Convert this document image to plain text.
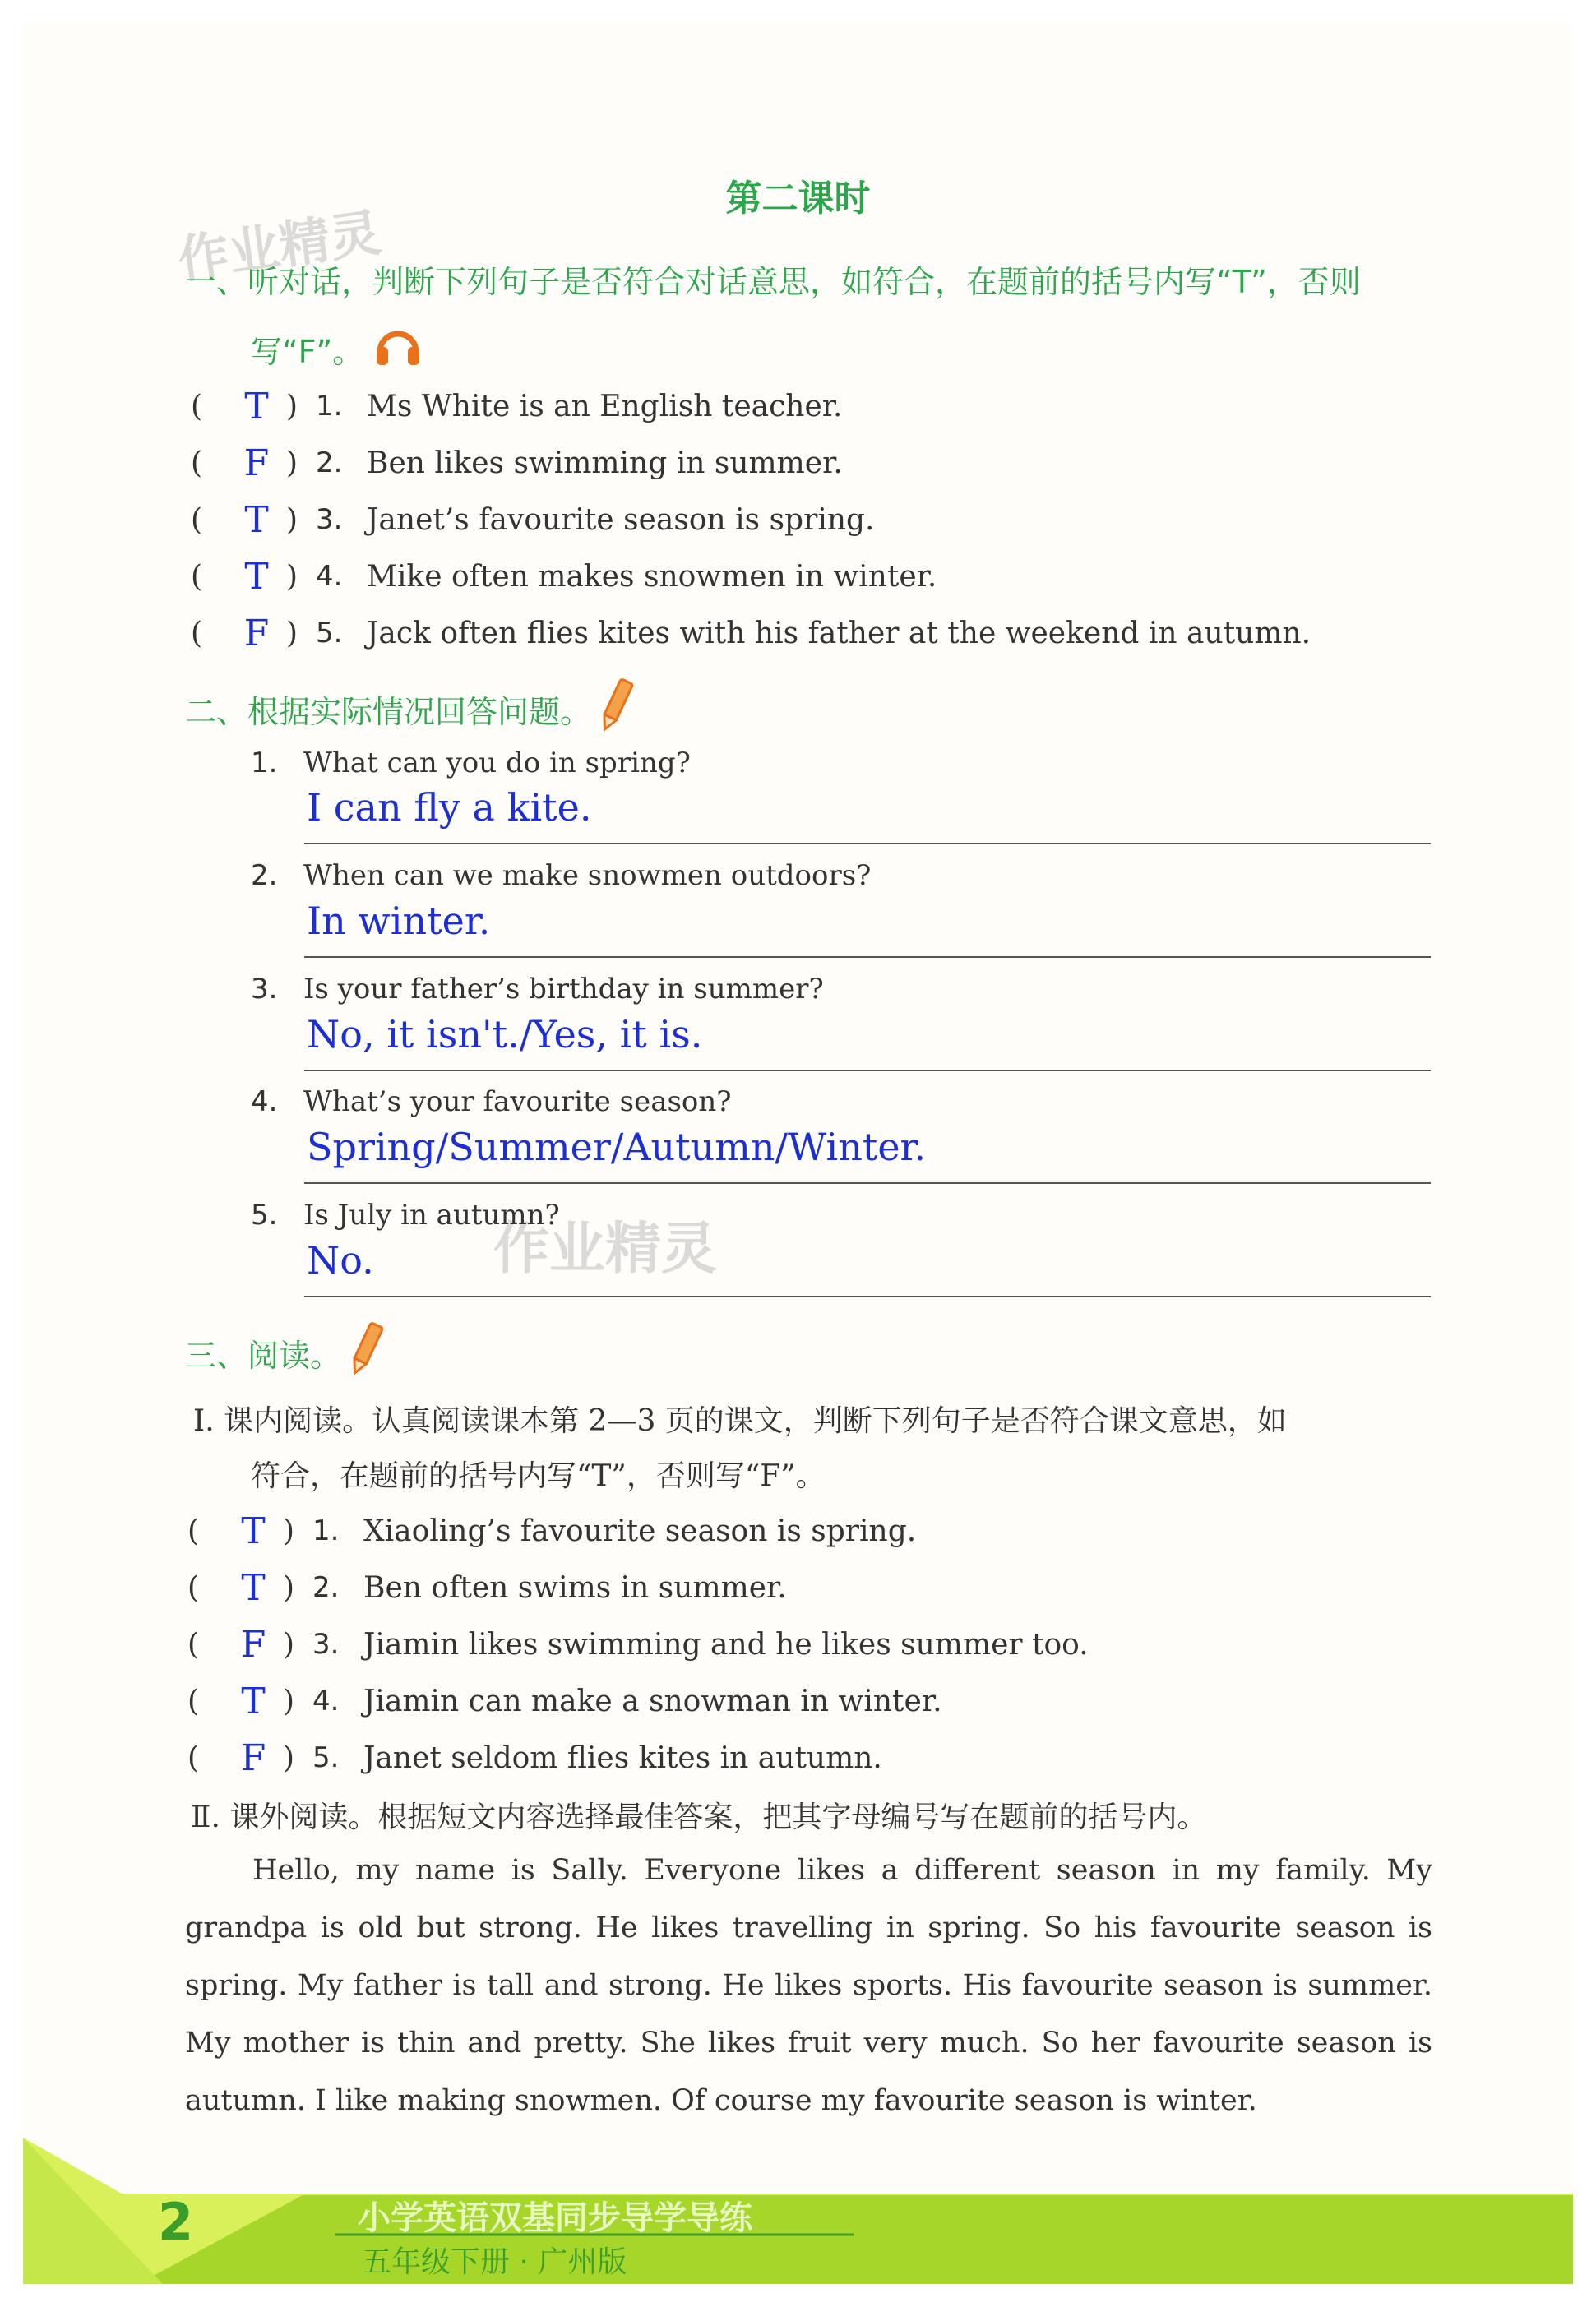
第二课时
作业精灵
作业精灵
一、听对话，判断下列句子是否符合对话意思，如符合，在题前的括号内写“T”，否则
写“F”。
(	T ) 1. Ms White is an English teacher.
(	F ) 2. Ben likes swimming in summer.
(	T ) 3. Janet’s favourite season is spring.
(	T ) 4. Mike often makes snowmen in winter.
(	F ) 5. Jack often flies kites with his father at the weekend in autumn.
二、根据实际情况回答问题。
1. What can you do in spring?
I can fly a kite.
2. When can we make snowmen outdoors?
In winter.
3. Is your father’s birthday in summer?
No, it isn't./Yes, it is.
4. What’s your favourite season?
Spring/Summer/Autumn/Winter.
5. Is July in autumn?
No.
三、阅读。
Ⅰ. 课内阅读。认真阅读课本第 2—3 页的课文，判断下列句子是否符合课文意思，如
符合，在题前的括号内写“T”，否则写“F”。
(	T ) 1. Xiaoling’s favourite season is spring.
(	T ) 2. Ben often swims in summer.
(	F ) 3. Jiamin likes swimming and he likes summer too.
(	T ) 4. Jiamin can make a snowman in winter.
(	F ) 5. Janet seldom flies kites in autumn.
Ⅱ. 课外阅读。根据短文内容选择最佳答案，把其字母编号写在题前的括号内。
Hello, my name is Sally. Everyone likes a different season in my family. My grandpa is old but strong. He likes travelling in spring. So his favourite season is spring. My father is tall and strong. He likes sports. His favourite season is summer. My mother is thin and pretty. She likes fruit very much. So her favourite season is autumn. I like making snowmen. Of course my favourite season is winter.
2	小学英语双基同步导学导练
五年级下册 · 广州版
